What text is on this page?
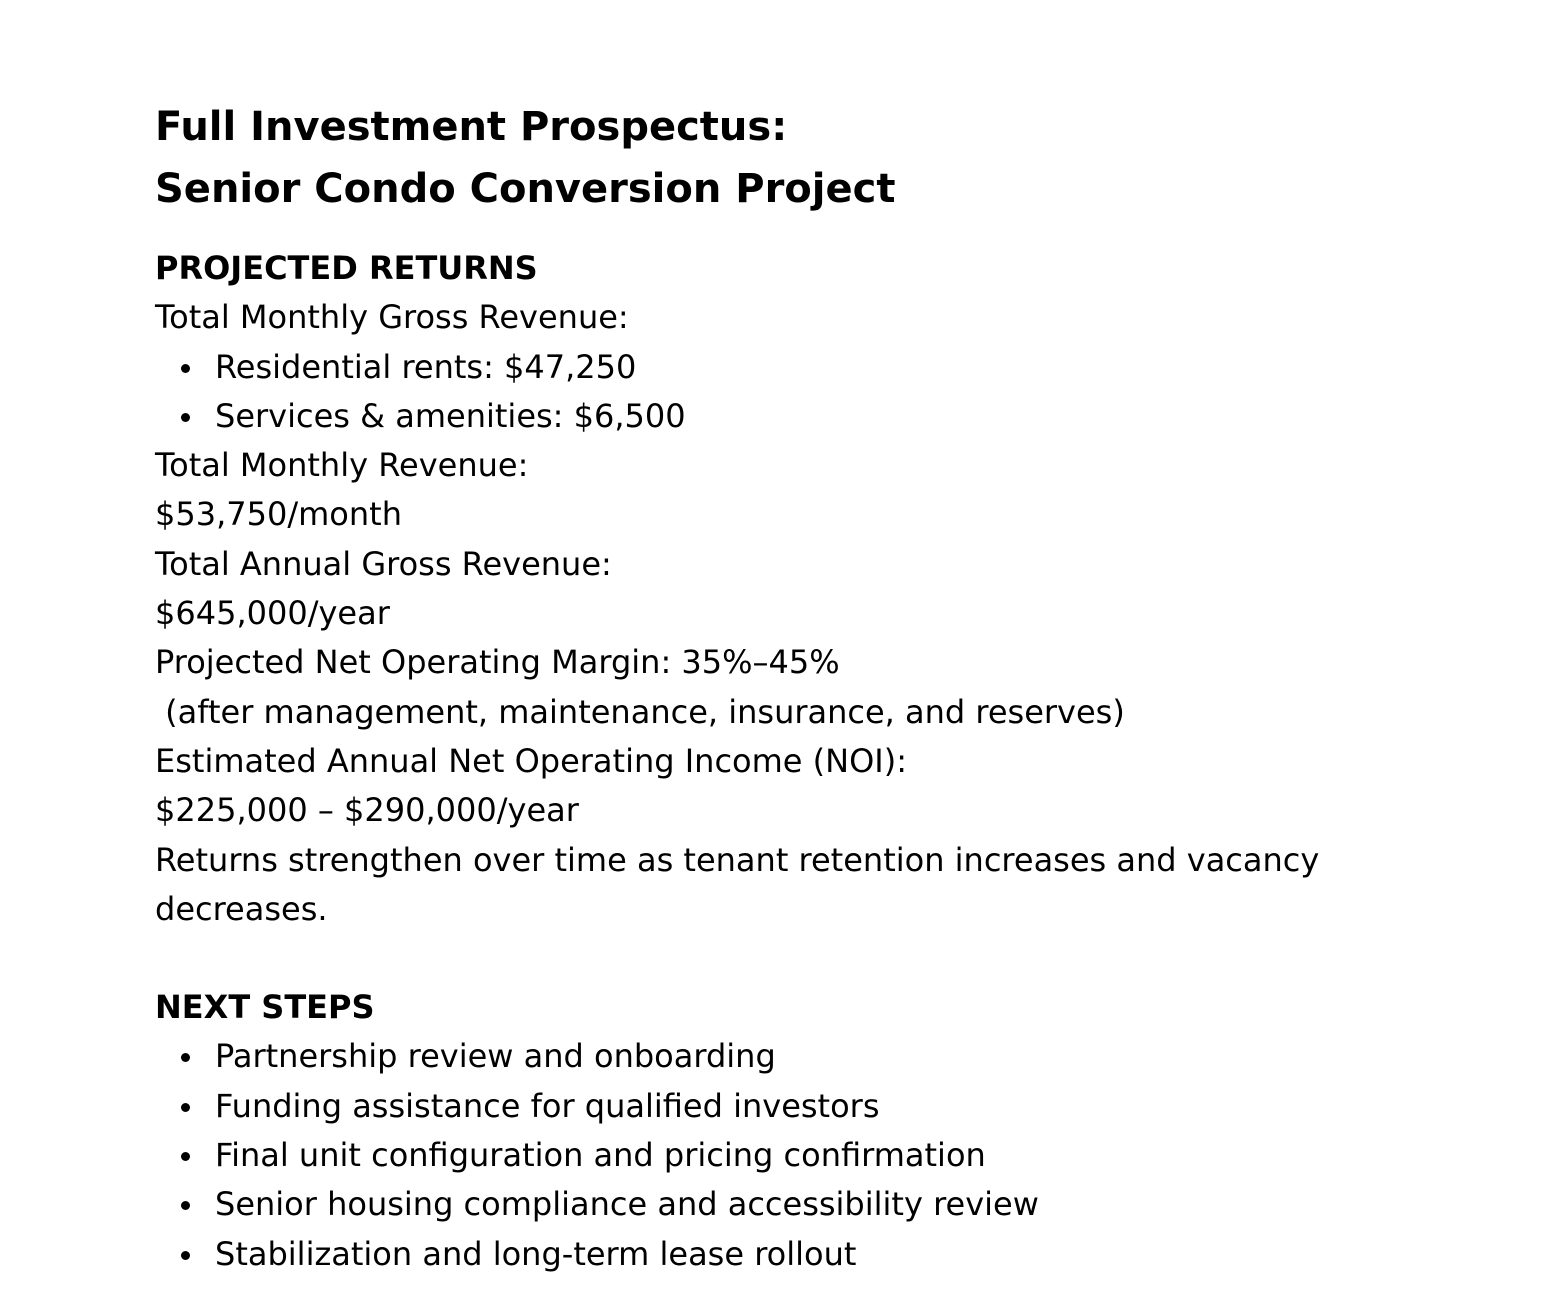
Full Investment Prospectus:
Senior Condo Conversion Project
PROJECTED RETURNS
Total Monthly Gross Revenue:
Residential rents: $47,250
Services & amenities: $6,500
Total Monthly Revenue:
$53,750/month
Total Annual Gross Revenue:
$645,000/year
Projected Net Operating Margin: 35%–45%
(after management, maintenance, insurance, and reserves)
Estimated Annual Net Operating Income (NOI):
$225,000 – $290,000/year
Returns strengthen over time as tenant retention increases and vacancy decreases.
NEXT STEPS
Partnership review and onboarding
Funding assistance for qualified investors
Final unit configuration and pricing confirmation
Senior housing compliance and accessibility review
Stabilization and long-term lease rollout
